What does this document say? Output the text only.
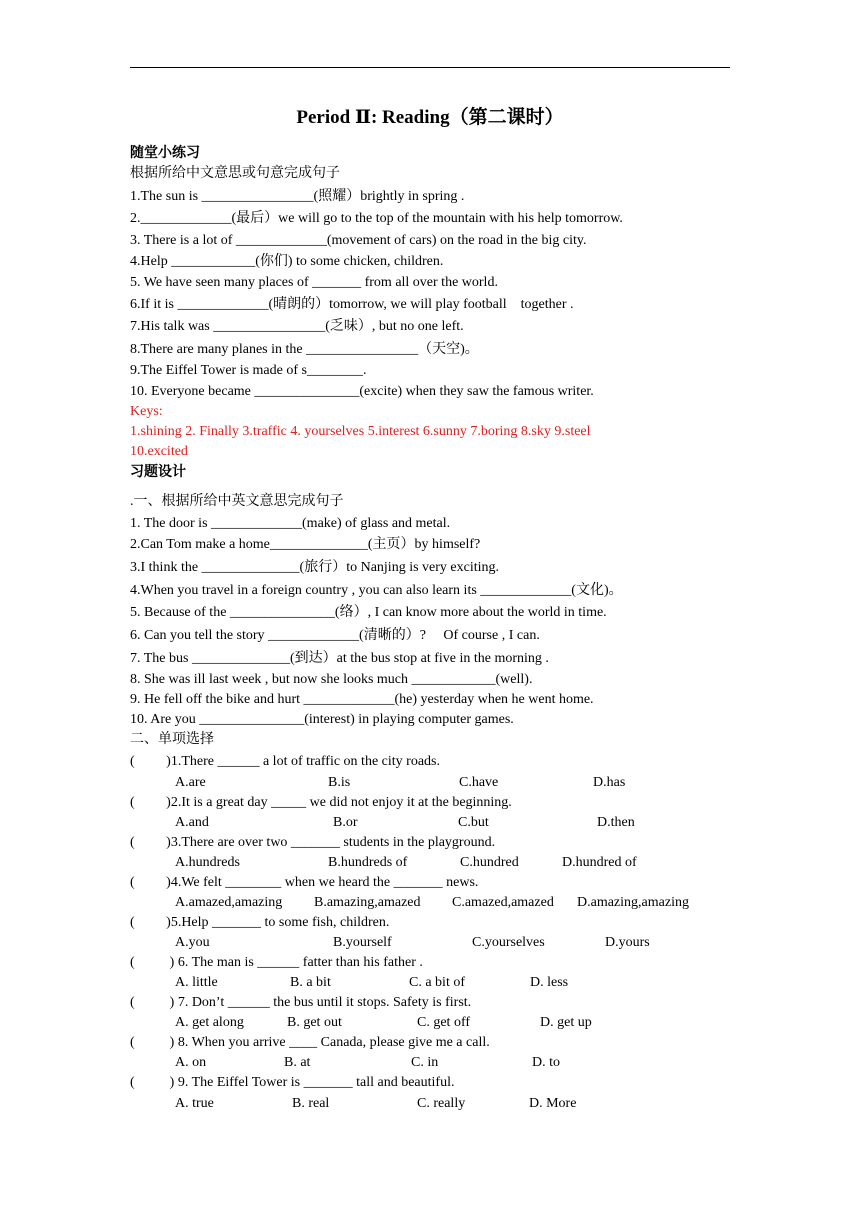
Period Ⅱ: Reading（第二课时）
随堂小练习
根据所给中文意思或句意完成句子
1.The sun is ________________(照耀）brightly in spring .
2._____________(最后）we will go to the top of the mountain with his help tomorrow.
3. There is a lot of _____________(movement of cars) on the road in the big city.
4.Help ____________(你们) to some chicken, children.
5. We have seen many places of _______ from all over the world.
6.If it is _____________(晴朗的）tomorrow, we will play football    together .
7.His talk was ________________(乏味）, but no one left.
8.There are many planes in the ________________（天空)。
9.The Eiffel Tower is made of s________.
10. Everyone became _______________(excite) when they saw the famous writer.
Keys:
1.shining 2. Finally 3.traffic 4. yourselves 5.interest 6.sunny 7.boring 8.sky 9.steel
10.excited
习题设计
.一、根据所给中英文意思完成句子
1. The door is _____________(make) of glass and metal.
2.Can Tom make a home______________(主页）by himself?
3.I think the ______________(旅行）to Nanjing is very exciting.
4.When you travel in a foreign country , you can also learn its _____________(文化)。
5. Because of the _______________(络）, I can know more about the world in time.
6. Can you tell the story _____________(清晰的）?     Of course , I can.
7. The bus ______________(到达）at the bus stop at five in the morning .
8. She was ill last week , but now she looks much ____________(well).
9. He fell off the bike and hurt _____________(he) yesterday when he went home.
10. Are you _______________(interest) in playing computer games.
二、单项选择
(         )1.There ______ a lot of traffic on the city roads.
A.are	B.is	C.have	D.has
(         )2.It is a great day _____ we did not enjoy it at the beginning.
A.and	B.or	C.but	D.then
(         )3.There are over two _______ students in the playground.
A.hundreds	B.hundreds of	C.hundred	D.hundred of
(         )4.We felt ________ when we heard the _______ news.
A.amazed,amazing B.amazing,amazed C.amazed,amazed D.amazing,amazing
(         )5.Help _______ to some fish, children.
A.you	B.yourself	C.yourselves	D.yours
(          ) 6. The man is ______ fatter than his father .
A. little	B. a bit	C. a bit of	D. less
(          ) 7. Don’t ______ the bus until it stops. Safety is first.
A. get along	B. get out	C. get off	D. get up
(          ) 8. When you arrive ____ Canada, please give me a call.
A. on	B. at	C. in	D. to
(          ) 9. The Eiffel Tower is _______ tall and beautiful.
A. true	B. real	C. really	D. More
